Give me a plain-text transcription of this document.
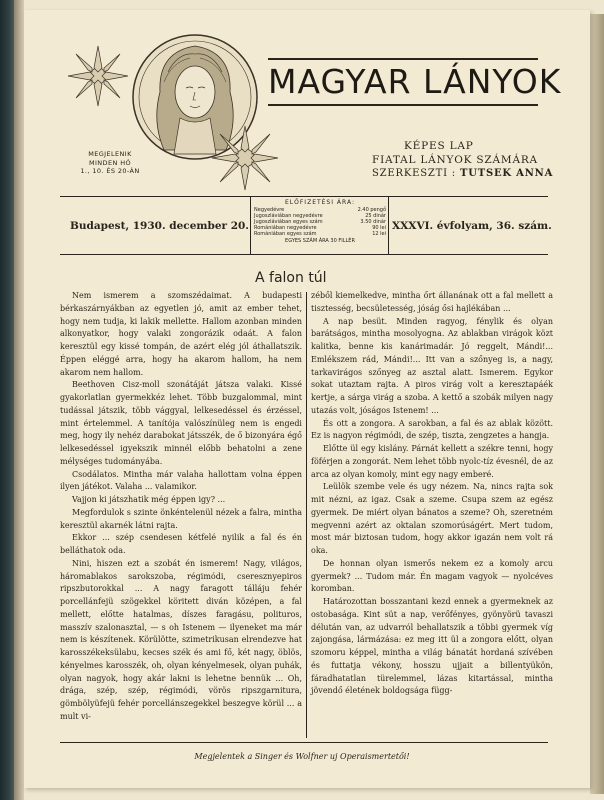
MAGYAR LÁNYOK
KÉPES LAP
FIATAL LÁNYOK SZÁMÁRA
SZERKESZTI : TUTSEK ANNA
MEGJELENIK
MINDEN HÓ
1., 10. ÉS 20-ÁN
Budapest, 1930. december 20.	XXXVI. évfolyam, 36. szám.
ELŐFIZETÉSI ÁRA:
Negyedévre	2.40 pengő
Jugoszláviában negyedévre	25 dinár
Jugoszláviában egyes szám	3.50 dinár
Romániában negyedévre	90 lei
Romániában egyes szám	12 lei
EGYES SZÁM ÁRA 30 FILLÉR
A falon túl
Nem ismerem a szomszédaimat. A budapesti bérkaszárnyákban az egyetlen jó, amit az ember tehet, hogy nem tudja, ki lakik mellette. Hallom azonban minden alkonyatkor, hogy valaki zongorázik odaát. A falon keresztül egy kissé tompán, de azért elég jól áthallatszik. Éppen eléggé arra, hogy ha akarom hallom, ha nem akarom nem hallom.
Beethoven Cisz-moll szonátáját játsza valaki. Kissé gyakorlatlan gyermekkéz lehet. Több buzgalommal, mint tudással játszik, több vággyal, lelkesedéssel és érzéssel, mint értelemmel. A tanítója valószínüleg nem is engedi meg, hogy ily nehéz darabokat játsszék, de ő bizonyára égő lelkesedéssel igyekszik minnél előbb behatolni a zene mélységes tudományába.
Csodálatos. Mintha már valaha hallottam volna éppen ilyen játékot. Valaha ... valamikor.
Vajjon ki játszhatik még éppen igy? ...
Megfordulok s szinte önkéntelenül nézek a falra, mintha keresztül akarnék látni rajta.
Ekkor ... szép csendesen kétfelé nyilik a fal és én belláthatok oda.
Nini, hiszen ezt a szobát én ismerem! Nagy, világos, háromablakos sarokszoba, régimódi, cseresznyepiros ripszbutorokkal ... A nagy faragott tálláju fehér porcellánfejü szögekkel köritett diván középen, a fal mellett, előtte hatalmas, díszes faragásu, polituros, masszív szalonasztal, — s oh Istenem — ilyeneket ma már nem is készítenek. Körülötte, szimetrikusan elrendezve hat karosszékeksülabu, kecses szék és ami fő, két nagy, öblös, kényelmes karosszék, oh, olyan kényelmesek, olyan puhák, olyan nagyok, hogy akár lakni is lehetne bennük ... Oh, drága, szép, szép, régimódi, vörös ripszgarnitura, gömbölyüfejü fehér porcellánszegekkel beszegve körül ... a mult vi-
zéből kiemelkedve, mintha őrt állanának ott a fal mellett a tisztesség, becsületesség, jóság ősi hajlékában ...
A nap besüt. Minden ragyog, fénylik és olyan barátságos, mintha mosolyogna. Az ablakban virágok közt kalitka, benne kis kanárimadár. Jó reggelt, Mándi!... Emlékszem rád, Mándi!... Itt van a szőnyeg is, a nagy, tarkavirágos szőnyeg az asztal alatt. Ismerem. Egykor sokat utaztam rajta. A piros virág volt a keresztapáék kertje, a sárga virág a szoba. A kettő a szobák milyen nagy utazás volt, jóságos Istenem! ...
És ott a zongora. A sarokban, a fal és az ablak között. Ez is nagyon régimódi, de szép, tiszta, zengzetes a hangja.
Előtte ül egy kislány. Párnát kellett a székre tenni, hogy föférjen a zongorát. Nem lehet több nyolc-tíz évesnél, de az arca az olyan komoly, mint egy nagy emberé.
Leülök szembe vele és ugy nézem. Na, nincs rajta sok mit nézni, az igaz. Csak a szeme. Csupa szem az egész gyermek. De miért olyan bánatos a szeme? Oh, szeretném megvenni azért az oktalan szomorúságért. Mert tudom, most már biztosan tudom, hogy akkor igazán nem volt rá oka.
De honnan olyan ismerős nekem ez a komoly arcu gyermek? ... Tudom már. Én magam vagyok — nyolcéves koromban.
Határozottan bosszantani kezd ennek a gyermeknek az ostobasága. Kint süt a nap, verőfényes, gyönyörü tavaszi délután van, az udvarról behallatszik a többi gyermek víg zajongása, lármázása: ez meg itt ül a zongora előtt, olyan szomoru képpel, mintha a világ bánatát hordaná szívében és futtatja vékony, hosszu ujjait a billentyükön, fáradhatatlan türelemmel, lázas kitartással, mintha jövendő életének boldogsága függ-
Megjelentek a Singer és Wolfner uj Operaismertetői!
